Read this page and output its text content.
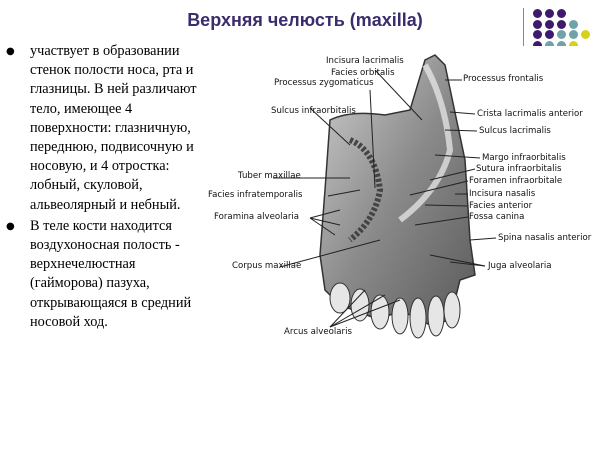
Верхняя челюсть (maxilla)
● участвует в образовании стенок полости носа, рта и глазницы. В ней различают тело, имеющее 4 поверхности: глазничную, переднюю, подвисочную и носовую, и 4 отростка: лобный, скуловой, альвеолярный и небный.
● В теле кости находится воздухоносная полость - верхнечелюстная (гайморова) пазуха, открывающаяся в средний носовой ход.
Incisura lacrimalis
Facies orbitalis
Processus zygomaticus	Processus frontalis
Sulcus infraorbitalis	Crista lacrimalis anterior
Sulcus lacrimalis
Margo infraorbitalis
Sutura infraorbitalis
Foramen infraorbitale
Tuber maxillae
Incisura nasalis
Facies infratemporalis
Facies anterior
Foramina alveolaria	Fossa canina
Spina nasalis anterior
Corpus maxillae	Juga alveolaria
Arcus alveolaris
